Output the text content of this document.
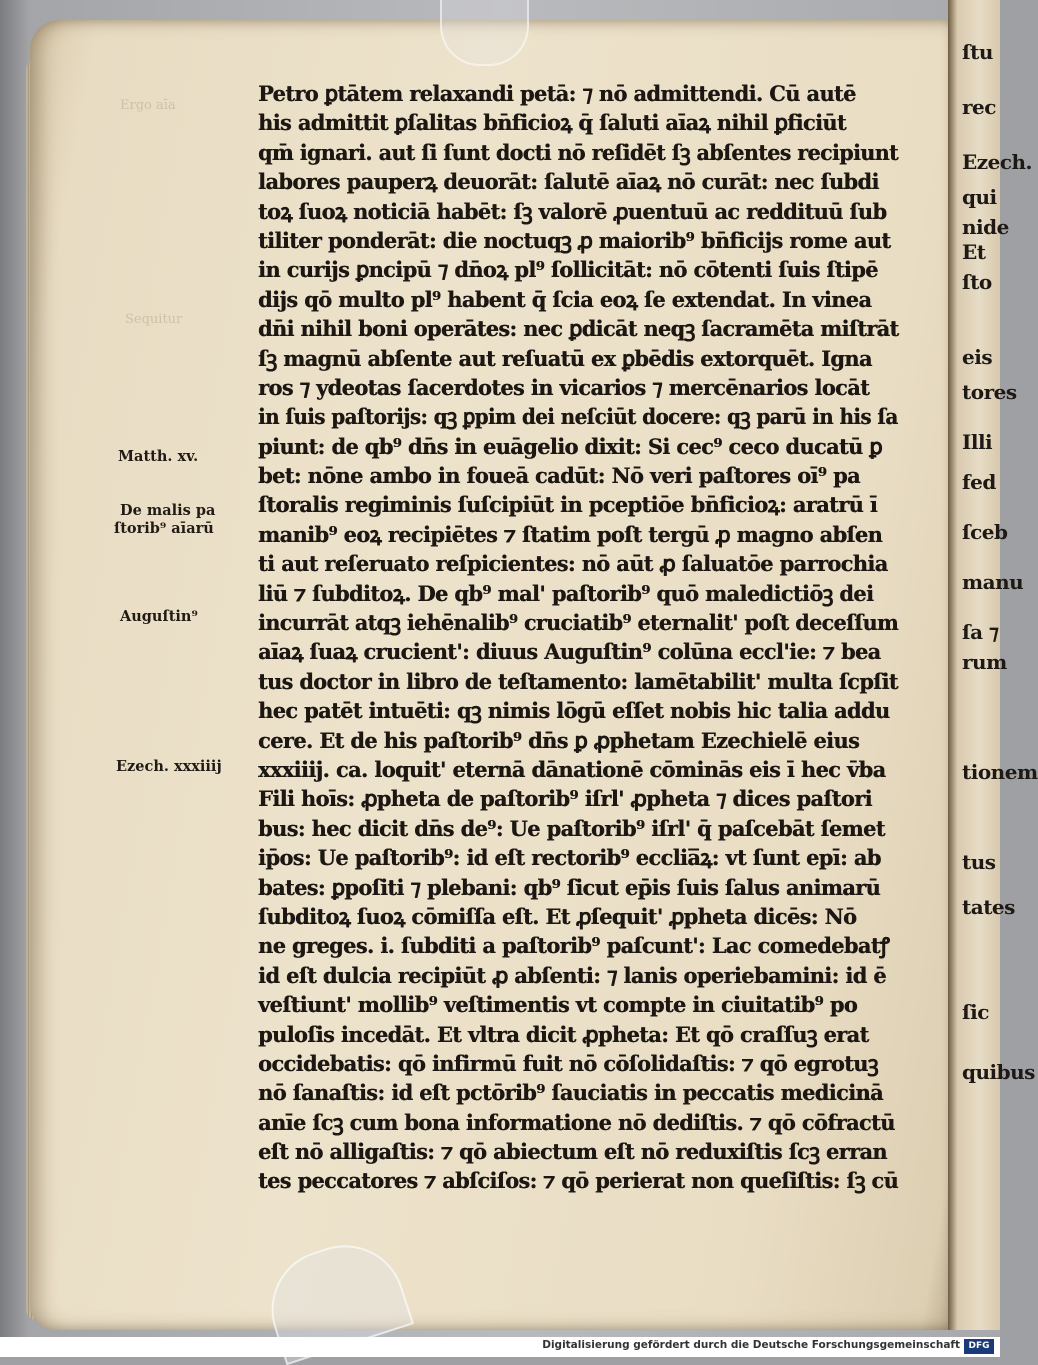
Ergo aīa
Sequitur
Matth. xv.
De malis pa
ſtorib⁹ aīarū
Auguſtin⁹
Ezech. xxxiiij
Petro ꝑtātem relaxandi petā: ⁊ nō admittendi. Cū autē
his admittit ꝑſalitas bn̄ficioꝝ q̄ ſaluti aīaꝝ nihil ꝑficiūt
qm̄ ignari. aut ſi ſunt docti nō reſidēt ſꝫ abſentes recipiunt
labores pauperꝝ deuorāt: ſalutē aīaꝝ nō curāt: nec ſubdi
toꝝ ſuoꝝ noticiā habēt: ſꝫ valorē ꝓuentuū ac reddituū ſub
tiliter ponderāt: die noctuqꝫ ꝓ maiorib⁹ bn̄ficijs rome aut
in curijs ꝑncipū ⁊ dn̄oꝝ pl⁹ ſollicitāt: nō cōtenti ſuis ſtipē
dijs qō multo pl⁹ habent q̄ ſcia eoꝝ ſe extendat. In vinea
dn̄i nihil boni operātes: nec ꝑdicāt neqꝫ ſacramēta miſtrāt
ſꝫ magnū abſente aut reſuatū ex ꝑbēdis extorquēt. Igna
ros ⁊ ydeotas ſacerdotes in vicarios ⁊ mercēnarios locāt
in ſuis paſtorijs: qꝫ ꝑpim dei neſciūt docere: qꝫ parū in his ſa
piunt: de qb⁹ dn̄s in euāgelio dixit: Si cec⁹ ceco ducatū ꝑ
bet: nōne ambo in foueā cadūt: Nō veri paſtores oī⁹ pa
ſtoralis regiminis ſuſcipiūt in pceptiōe bn̄ficioꝝ: aratrū ī
manib⁹ eoꝝ recipiētes ⁊ ſtatim poſt tergū ꝓ magno abſen
ti aut reſeruato reſpicientes: nō aūt ꝓ ſaluatōe parrochia
liū ⁊ ſubditoꝝ. De qb⁹ mal' paſtorib⁹ quō maledictiōꝫ dei
incurrāt atqꝫ iehēnalib⁹ cruciatib⁹ eternalit' poſt deceſſum
aīaꝝ ſuaꝝ crucient': diuus Auguſtin⁹ colūna eccl'ie: ⁊ bea
tus doctor in libro de teſtamento: lamētabilit' multa ſcpſit
hec patēt intuēti: qꝫ nimis lōgū eſſet nobis hic talia addu
cere. Et de his paſtorib⁹ dn̄s ꝑ ꝓphetam Ezechielē eius
xxxiiij. ca. loquit' eternā dānationē cōminās eis ī hec v̄ba
Fili hoīs: ꝓpheta de paſtorib⁹ iſrl' ꝓpheta ⁊ dices paſtori
bus: hec dicit dn̄s de⁹: Ue paſtorib⁹ iſrl' q̄ paſcebāt ſemet
ip̄os: Ue paſtorib⁹: id eſt rectorib⁹ ecclia̅ꝝ: vt ſunt epī: ab
bates: ꝑpoſiti ⁊ plebani: qb⁹ ſicut ep̄is ſuis ſalus animarū
ſubditoꝝ ſuoꝝ cōmiſſa eſt. Et ꝓſequit' ꝓpheta dicēs: Nō
ne greges. i. ſubditi a paſtorib⁹ paſcunt': Lac comedebatꝭ
id eſt dulcia recipiūt ꝓ abſenti: ⁊ lanis operiebamini: id ē
veſtiunt' mollib⁹ veſtimentis vt compte in ciuitatib⁹ po
puloſis incedāt. Et vltra dicit ꝓpheta: Et qō craſſuꝫ erat
occidebatis: qō infirmū fuit nō cōſolidaſtis: ⁊ qō egrotuꝫ
nō ſanaſtis: id eſt pctōrib⁹ ſauciatis in peccatis medicinā
anīe ſcꝫ cum bona informatione nō dediſtis. ⁊ qō cōfractū
eſt nō alligaſtis: ⁊ qō abiectum eſt nō reduxiſtis ſcꝫ erran
tes peccatores ⁊ abſciſos: ⁊ qō perierat non queſiſtis: ſꝫ cū
ſtu
rec
Ezech.
qui
nide
Et
ſto
eis
tores
Illi
fed
ſceb
manu
ſa ⁊
rum
tionem
tus
tates
ſic
quibus
Digitalisierung gefördert durch die Deutsche Forschungsgemeinschaft DFG
